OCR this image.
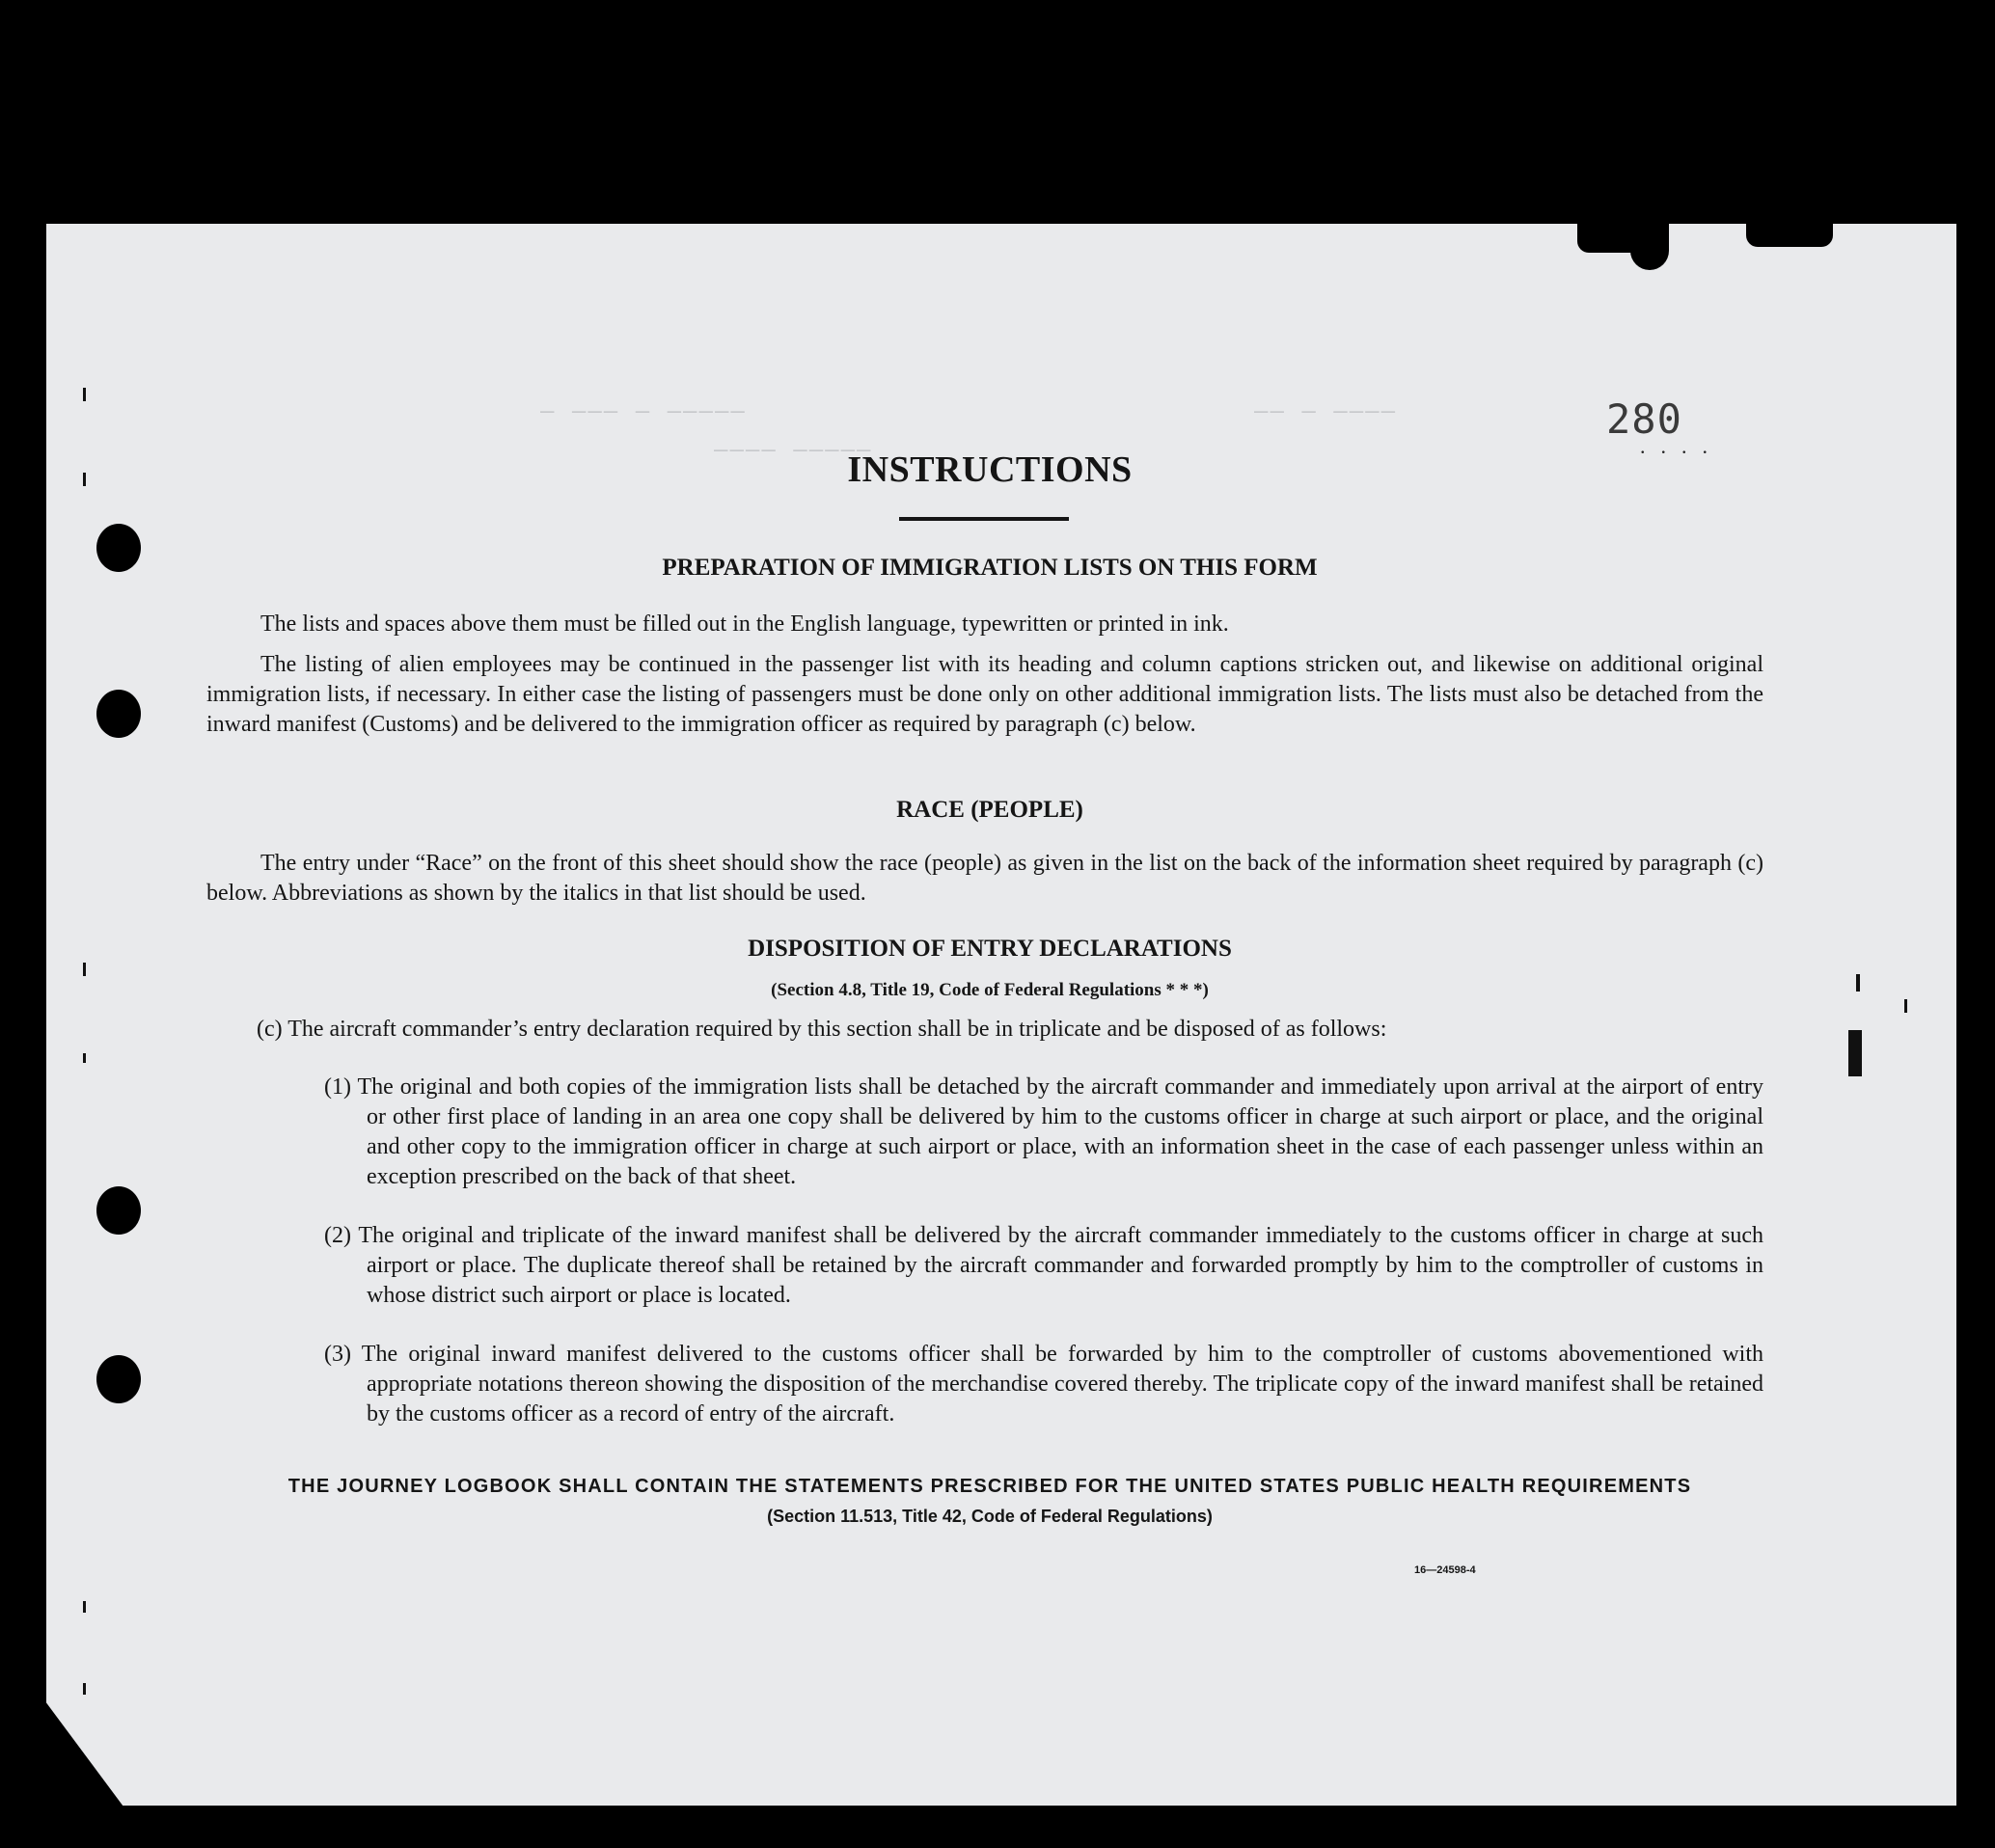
— ——— — —————	—— — ————
———— —————
280
....
INSTRUCTIONS
PREPARATION OF IMMIGRATION LISTS ON THIS FORM

The lists and spaces above them must be filled out in the English language, typewritten or printed in ink.

The listing of alien employees may be continued in the passenger list with its heading and column captions stricken out, and likewise on additional original immigration lists, if necessary. In either case the listing of passengers must be done only on other additional immigration lists. The lists must also be detached from the inward manifest (Customs) and be delivered to the immigration officer as required by paragraph (c) below.

RACE (PEOPLE)

The entry under “Race” on the front of this sheet should show the race (people) as given in the list on the back of the information sheet required by paragraph (c) below. Abbreviations as shown by the italics in that list should be used.

DISPOSITION OF ENTRY DECLARATIONS
(Section 4.8, Title 19, Code of Federal Regulations * * *)

(c) The aircraft commander’s entry declaration required by this section shall be in triplicate and be disposed of as follows:

(1) The original and both copies of the immigration lists shall be detached by the aircraft commander and immediately upon arrival at the airport of entry or other first place of landing in an area one copy shall be delivered by him to the customs officer in charge at such airport or place, and the original and other copy to the immigration officer in charge at such airport or place, with an information sheet in the case of each passenger unless within an exception prescribed on the back of that sheet.

(2) The original and triplicate of the inward manifest shall be delivered by the aircraft commander immediately to the customs officer in charge at such airport or place. The duplicate thereof shall be retained by the aircraft commander and forwarded promptly by him to the comptroller of customs in whose district such airport or place is located.

(3) The original inward manifest delivered to the customs officer shall be forwarded by him to the comptroller of customs abovementioned with appropriate notations thereon showing the disposition of the merchandise covered thereby. The triplicate copy of the inward manifest shall be retained by the customs officer as a record of entry of the aircraft.

THE JOURNEY LOGBOOK SHALL CONTAIN THE STATEMENTS PRESCRIBED FOR THE UNITED STATES PUBLIC HEALTH REQUIREMENTS
(Section 11.513, Title 42, Code of Federal Regulations)
16—24598-4
